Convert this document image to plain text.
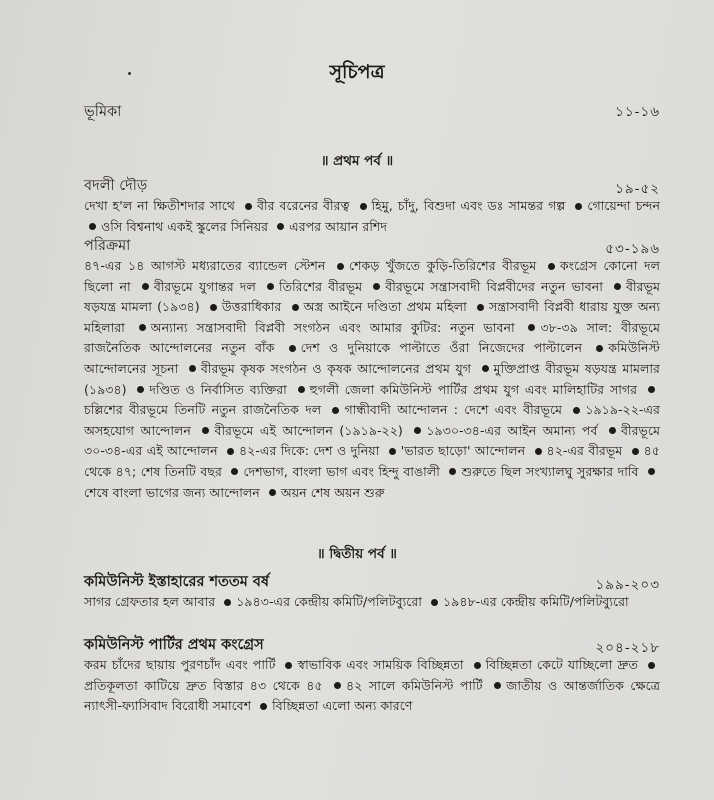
সূচিপত্র
ভূমিকা	১১-১৬
॥ প্রথম পর্ব ॥
বদলী দৌড়	১৯-৫২
দেখা হ'ল না ক্ষিতীশদার সাথে বীর বরেনের বীরত্ব হিমু, চাঁদু, বিশুদা এবং ডঃ সামন্তর গল্প গোয়েন্দা চন্দন ওসি বিশ্বনাথ একই স্কুলের সিনিয়র এরপর আয়ান রশিদ
পরিক্রমা	৫৩-১৯৬
৪৭-এর ১৪ আগস্ট মধ্যরাতের ব্যান্ডেল স্টেশন শেকড় খুঁজতে কুড়ি-তিরিশের বীরভূম কংগ্রেস কোনো দল ছিলো না বীরভূমে যুগান্তর দল তিরিশের বীরভূম বীরভূমে সন্ত্রাসবাদী বিপ্লবীদের নতুন ভাবনা বীরভূম ষড়যন্ত্র মামলা (১৯৩৪) উত্তরাধিকার অস্ত্র আইনে দণ্ডিতা প্রথম মহিলা সন্ত্রাসবাদী বিপ্লবী ধারায় যুক্ত অন্য মহিলারা অন্যান্য সন্ত্রাসবাদী বিপ্লবী সংগঠন এবং আমার কুটির: নতুন ভাবনা ৩৮-৩৯ সাল: বীরভূমে রাজনৈতিক আন্দোলনের নতুন বাঁক দেশ ও দুনিয়াকে পাল্টাতে ওঁরা নিজেদের পাল্টালেন কমিউনিস্ট আন্দোলনের সূচনা বীরভূম কৃষক সংগঠন ও কৃষক আন্দোলনের প্রথম যুগ মুক্তিপ্রাপ্ত বীরভূম ষড়যন্ত্র মামলার (১৯৩৪) দণ্ডিত ও নির্বাসিত ব্যক্তিরা হুগলী জেলা কমিউনিস্ট পার্টির প্রথম যুগ এবং মালিহাটির সাগর চল্লিশের বীরভূমে তিনটি নতুন রাজনৈতিক দল গান্ধীবাদী আন্দোলন : দেশে এবং বীরভূমে ১৯১৯-২২-এর অসহযোগ আন্দোলন বীরভূমে এই আন্দোলন (১৯১৯-২২) ১৯৩০-৩৪-এর আইন অমান্য পর্ব বীরভূমে ৩০-৩৪-এর এই আন্দোলন ৪২-এর দিকে: দেশ ও দুনিয়া 'ভারত ছাড়ো' আন্দোলন ৪২-এর বীরভূম ৪৫ থেকে ৪৭; শেষ তিনটি বছর দেশভাগ, বাংলা ভাগ এবং হিন্দু বাঙালী শুরুতে ছিল সংখ্যালঘু সুরক্ষার দাবি শেষে বাংলা ভাগের জন্য আন্দোলন অয়ন শেষ অয়ন শুরু
॥ দ্বিতীয় পর্ব ॥
কমিউনিস্ট ইস্তাহারের শততম বর্ষ	১৯৯-২০৩
সাগর গ্রেফতার হল আবার ১৯৪৩-এর কেন্দ্রীয় কমিটি/পলিটব্যুরো ১৯৪৮-এর কেন্দ্রীয় কমিটি/পলিটব্যুরো
কমিউনিস্ট পার্টির প্রথম কংগ্রেস	২০৪-২১৮
করম চাঁদের ছায়ায় পুরণচাঁদ এবং পার্টি স্বাভাবিক এবং সাময়িক বিচ্ছিন্নতা বিচ্ছিন্নতা কেটে যাচ্ছিলো দ্রুত প্রতিকূলতা কাটিয়ে দ্রুত বিস্তার ৪৩ থেকে ৪৫ ৪২ সালে কমিউনিস্ট পার্টি জাতীয় ও আন্তর্জাতিক ক্ষেত্রে ন্যাৎসী-ফ্যাসিবাদ বিরোধী সমাবেশ বিচ্ছিন্নতা এলো অন্য কারণে
